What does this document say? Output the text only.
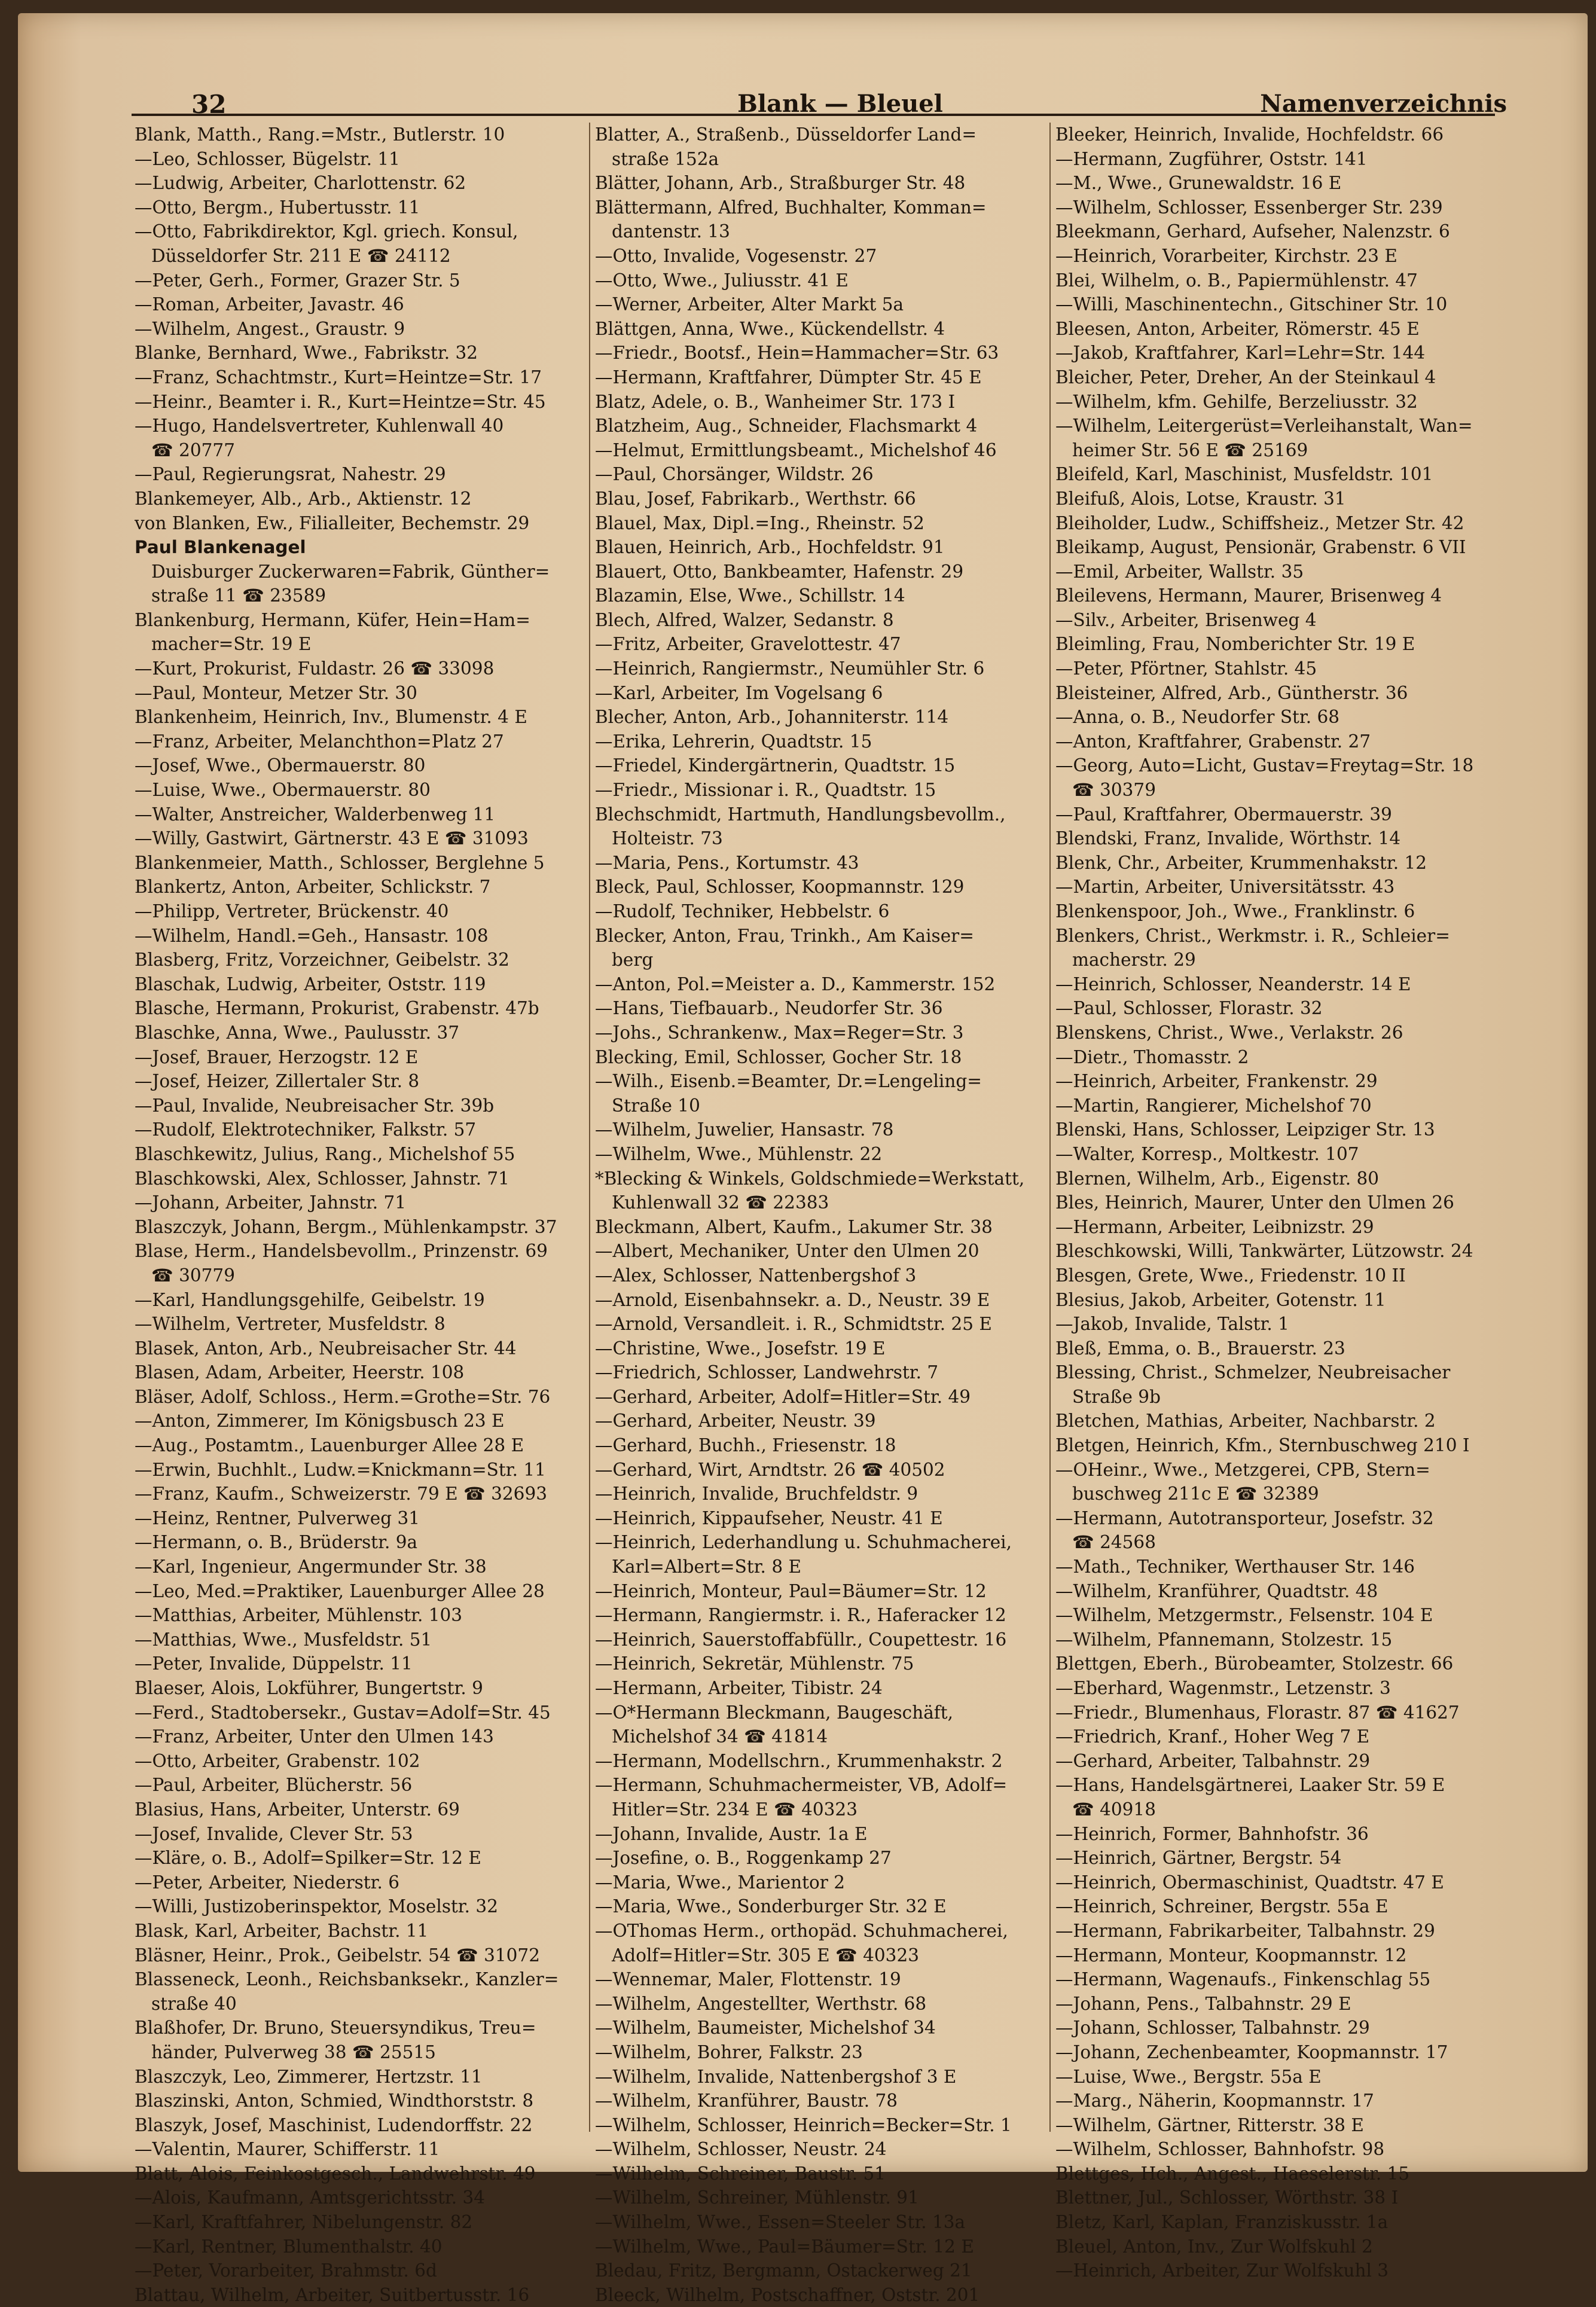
32	Blank — Bleuel	Namenverzeichnis
Blank, Matth., Rang.=Mstr., Butlerstr. 10
—Leo, Schlosser, Bügelstr. 11
—Ludwig, Arbeiter, Charlottenstr. 62
—Otto, Bergm., Hubertusstr. 11
—Otto, Fabrikdirektor, Kgl. griech. Konsul,
Düsseldorfer Str. 211 E ☎ 24112
—Peter, Gerh., Former, Grazer Str. 5
—Roman, Arbeiter, Javastr. 46
—Wilhelm, Angest., Graustr. 9
Blanke, Bernhard, Wwe., Fabrikstr. 32
—Franz, Schachtmstr., Kurt=Heintze=Str. 17
—Heinr., Beamter i. R., Kurt=Heintze=Str. 45
—Hugo, Handelsvertreter, Kuhlenwall 40
☎ 20777
—Paul, Regierungsrat, Nahestr. 29
Blankemeyer, Alb., Arb., Aktienstr. 12
von Blanken, Ew., Filialleiter, Bechemstr. 29
Paul Blankenagel
Duisburger Zuckerwaren=Fabrik, Günther=
straße 11 ☎ 23589
Blankenburg, Hermann, Küfer, Hein=Ham=
macher=Str. 19 E
—Kurt, Prokurist, Fuldastr. 26 ☎ 33098
—Paul, Monteur, Metzer Str. 30
Blankenheim, Heinrich, Inv., Blumenstr. 4 E
—Franz, Arbeiter, Melanchthon=Platz 27
—Josef, Wwe., Obermauerstr. 80
—Luise, Wwe., Obermauerstr. 80
—Walter, Anstreicher, Walderbenweg 11
—Willy, Gastwirt, Gärtnerstr. 43 E ☎ 31093
Blankenmeier, Matth., Schlosser, Berglehne 5
Blankertz, Anton, Arbeiter, Schlickstr. 7
—Philipp, Vertreter, Brückenstr. 40
—Wilhelm, Handl.=Geh., Hansastr. 108
Blasberg, Fritz, Vorzeichner, Geibelstr. 32
Blaschak, Ludwig, Arbeiter, Oststr. 119
Blasche, Hermann, Prokurist, Grabenstr. 47b
Blaschke, Anna, Wwe., Paulusstr. 37
—Josef, Brauer, Herzogstr. 12 E
—Josef, Heizer, Zillertaler Str. 8
—Paul, Invalide, Neubreisacher Str. 39b
—Rudolf, Elektrotechniker, Falkstr. 57
Blaschkewitz, Julius, Rang., Michelshof 55
Blaschkowski, Alex, Schlosser, Jahnstr. 71
—Johann, Arbeiter, Jahnstr. 71
Blaszczyk, Johann, Bergm., Mühlenkampstr. 37
Blase, Herm., Handelsbevollm., Prinzenstr. 69
☎ 30779
—Karl, Handlungsgehilfe, Geibelstr. 19
—Wilhelm, Vertreter, Musfeldstr. 8
Blasek, Anton, Arb., Neubreisacher Str. 44
Blasen, Adam, Arbeiter, Heerstr. 108
Bläser, Adolf, Schloss., Herm.=Grothe=Str. 76
—Anton, Zimmerer, Im Königsbusch 23 E
—Aug., Postamtm., Lauenburger Allee 28 E
—Erwin, Buchhlt., Ludw.=Knickmann=Str. 11
—Franz, Kaufm., Schweizerstr. 79 E ☎ 32693
—Heinz, Rentner, Pulverweg 31
—Hermann, o. B., Brüderstr. 9a
—Karl, Ingenieur, Angermunder Str. 38
—Leo, Med.=Praktiker, Lauenburger Allee 28
—Matthias, Arbeiter, Mühlenstr. 103
—Matthias, Wwe., Musfeldstr. 51
—Peter, Invalide, Düppelstr. 11
Blaeser, Alois, Lokführer, Bungertstr. 9
—Ferd., Stadtobersekr., Gustav=Adolf=Str. 45
—Franz, Arbeiter, Unter den Ulmen 143
—Otto, Arbeiter, Grabenstr. 102
—Paul, Arbeiter, Blücherstr. 56
Blasius, Hans, Arbeiter, Unterstr. 69
—Josef, Invalide, Clever Str. 53
—Kläre, o. B., Adolf=Spilker=Str. 12 E
—Peter, Arbeiter, Niederstr. 6
—Willi, Justizoberinspektor, Moselstr. 32
Blask, Karl, Arbeiter, Bachstr. 11
Bläsner, Heinr., Prok., Geibelstr. 54 ☎ 31072
Blasseneck, Leonh., Reichsbanksekr., Kanzler=
straße 40
Blaßhofer, Dr. Bruno, Steuersyndikus, Treu=
händer, Pulverweg 38 ☎ 25515
Blaszczyk, Leo, Zimmerer, Hertzstr. 11
Blaszinski, Anton, Schmied, Windthorststr. 8
Blaszyk, Josef, Maschinist, Ludendorffstr. 22
—Valentin, Maurer, Schifferstr. 11
Blatt, Alois, Feinkostgesch., Landwehrstr. 49
—Alois, Kaufmann, Amtsgerichtsstr. 34
—Karl, Kraftfahrer, Nibelungenstr. 82
—Karl, Rentner, Blumenthalstr. 40
—Peter, Vorarbeiter, Brahmstr. 6d
Blattau, Wilhelm, Arbeiter, Suitbertusstr. 16
Blatter, A., Straßenb., Düsseldorfer Land=
straße 152a
Blätter, Johann, Arb., Straßburger Str. 48
Blättermann, Alfred, Buchhalter, Komman=
dantenstr. 13
—Otto, Invalide, Vogesenstr. 27
—Otto, Wwe., Juliusstr. 41 E
—Werner, Arbeiter, Alter Markt 5a
Blättgen, Anna, Wwe., Kückendellstr. 4
—Friedr., Bootsf., Hein=Hammacher=Str. 63
—Hermann, Kraftfahrer, Dümpter Str. 45 E
Blatz, Adele, o. B., Wanheimer Str. 173 I
Blatzheim, Aug., Schneider, Flachsmarkt 4
—Helmut, Ermittlungsbeamt., Michelshof 46
—Paul, Chorsänger, Wildstr. 26
Blau, Josef, Fabrikarb., Werthstr. 66
Blauel, Max, Dipl.=Ing., Rheinstr. 52
Blauen, Heinrich, Arb., Hochfeldstr. 91
Blauert, Otto, Bankbeamter, Hafenstr. 29
Blazamin, Else, Wwe., Schillstr. 14
Blech, Alfred, Walzer, Sedanstr. 8
—Fritz, Arbeiter, Gravelottestr. 47
—Heinrich, Rangiermstr., Neumühler Str. 6
—Karl, Arbeiter, Im Vogelsang 6
Blecher, Anton, Arb., Johanniterstr. 114
—Erika, Lehrerin, Quadtstr. 15
—Friedel, Kindergärtnerin, Quadtstr. 15
—Friedr., Missionar i. R., Quadtstr. 15
Blechschmidt, Hartmuth, Handlungsbevollm.,
Holteistr. 73
—Maria, Pens., Kortumstr. 43
Bleck, Paul, Schlosser, Koopmannstr. 129
—Rudolf, Techniker, Hebbelstr. 6
Blecker, Anton, Frau, Trinkh., Am Kaiser=
berg
—Anton, Pol.=Meister a. D., Kammerstr. 152
—Hans, Tiefbauarb., Neudorfer Str. 36
—Johs., Schrankenw., Max=Reger=Str. 3
Blecking, Emil, Schlosser, Gocher Str. 18
—Wilh., Eisenb.=Beamter, Dr.=Lengeling=
Straße 10
—Wilhelm, Juwelier, Hansastr. 78
—Wilhelm, Wwe., Mühlenstr. 22
*Blecking & Winkels, Goldschmiede=Werkstatt,
Kuhlenwall 32 ☎ 22383
Bleckmann, Albert, Kaufm., Lakumer Str. 38
—Albert, Mechaniker, Unter den Ulmen 20
—Alex, Schlosser, Nattenbergshof 3
—Arnold, Eisenbahnsekr. a. D., Neustr. 39 E
—Arnold, Versandleit. i. R., Schmidtstr. 25 E
—Christine, Wwe., Josefstr. 19 E
—Friedrich, Schlosser, Landwehrstr. 7
—Gerhard, Arbeiter, Adolf=Hitler=Str. 49
—Gerhard, Arbeiter, Neustr. 39
—Gerhard, Buchh., Friesenstr. 18
—Gerhard, Wirt, Arndtstr. 26 ☎ 40502
—Heinrich, Invalide, Bruchfeldstr. 9
—Heinrich, Kippaufseher, Neustr. 41 E
—Heinrich, Lederhandlung u. Schuhmacherei,
Karl=Albert=Str. 8 E
—Heinrich, Monteur, Paul=Bäumer=Str. 12
—Hermann, Rangiermstr. i. R., Haferacker 12
—Heinrich, Sauerstoffabfüllr., Coupettestr. 16
—Heinrich, Sekretär, Mühlenstr. 75
—Hermann, Arbeiter, Tibistr. 24
—O*Hermann Bleckmann, Baugeschäft,
Michelshof 34 ☎ 41814
—Hermann, Modellschrn., Krummenhakstr. 2
—Hermann, Schuhmachermeister, VB, Adolf=
Hitler=Str. 234 E ☎ 40323
—Johann, Invalide, Austr. 1a E
—Josefine, o. B., Roggenkamp 27
—Maria, Wwe., Marientor 2
—Maria, Wwe., Sonderburger Str. 32 E
—OThomas Herm., orthopäd. Schuhmacherei,
Adolf=Hitler=Str. 305 E ☎ 40323
—Wennemar, Maler, Flottenstr. 19
—Wilhelm, Angestellter, Werthstr. 68
—Wilhelm, Baumeister, Michelshof 34
—Wilhelm, Bohrer, Falkstr. 23
—Wilhelm, Invalide, Nattenbergshof 3 E
—Wilhelm, Kranführer, Baustr. 78
—Wilhelm, Schlosser, Heinrich=Becker=Str. 1
—Wilhelm, Schlosser, Neustr. 24
—Wilhelm, Schreiner, Baustr. 51
—Wilhelm, Schreiner, Mühlenstr. 91
—Wilhelm, Wwe., Essen=Steeler Str. 13a
—Wilhelm, Wwe., Paul=Bäumer=Str. 12 E
Bledau, Fritz, Bergmann, Ostackerweg 21
Bleeck, Wilhelm, Postschaffner, Oststr. 201
Bleeker, Heinrich, Invalide, Hochfeldstr. 66
—Hermann, Zugführer, Oststr. 141
—M., Wwe., Grunewaldstr. 16 E
—Wilhelm, Schlosser, Essenberger Str. 239
Bleekmann, Gerhard, Aufseher, Nalenzstr. 6
—Heinrich, Vorarbeiter, Kirchstr. 23 E
Blei, Wilhelm, o. B., Papiermühlenstr. 47
—Willi, Maschinentechn., Gitschiner Str. 10
Bleesen, Anton, Arbeiter, Römerstr. 45 E
—Jakob, Kraftfahrer, Karl=Lehr=Str. 144
Bleicher, Peter, Dreher, An der Steinkaul 4
—Wilhelm, kfm. Gehilfe, Berzeliusstr. 32
—Wilhelm, Leitergerüst=Verleihanstalt, Wan=
heimer Str. 56 E ☎ 25169
Bleifeld, Karl, Maschinist, Musfeldstr. 101
Bleifuß, Alois, Lotse, Kraustr. 31
Bleiholder, Ludw., Schiffsheiz., Metzer Str. 42
Bleikamp, August, Pensionär, Grabenstr. 6 VII
—Emil, Arbeiter, Wallstr. 35
Bleilevens, Hermann, Maurer, Brisenweg 4
—Silv., Arbeiter, Brisenweg 4
Bleimling, Frau, Nomberichter Str. 19 E
—Peter, Pförtner, Stahlstr. 45
Bleisteiner, Alfred, Arb., Güntherstr. 36
—Anna, o. B., Neudorfer Str. 68
—Anton, Kraftfahrer, Grabenstr. 27
—Georg, Auto=Licht, Gustav=Freytag=Str. 18
☎ 30379
—Paul, Kraftfahrer, Obermauerstr. 39
Blendski, Franz, Invalide, Wörthstr. 14
Blenk, Chr., Arbeiter, Krummenhakstr. 12
—Martin, Arbeiter, Universitätsstr. 43
Blenkenspoor, Joh., Wwe., Franklinstr. 6
Blenkers, Christ., Werkmstr. i. R., Schleier=
macherstr. 29
—Heinrich, Schlosser, Neanderstr. 14 E
—Paul, Schlosser, Florastr. 32
Blenskens, Christ., Wwe., Verlakstr. 26
—Dietr., Thomasstr. 2
—Heinrich, Arbeiter, Frankenstr. 29
—Martin, Rangierer, Michelshof 70
Blenski, Hans, Schlosser, Leipziger Str. 13
—Walter, Korresp., Moltkestr. 107
Blernen, Wilhelm, Arb., Eigenstr. 80
Bles, Heinrich, Maurer, Unter den Ulmen 26
—Hermann, Arbeiter, Leibnizstr. 29
Bleschkowski, Willi, Tankwärter, Lützowstr. 24
Blesgen, Grete, Wwe., Friedenstr. 10 II
Blesius, Jakob, Arbeiter, Gotenstr. 11
—Jakob, Invalide, Talstr. 1
Bleß, Emma, o. B., Brauerstr. 23
Blessing, Christ., Schmelzer, Neubreisacher
Straße 9b
Bletchen, Mathias, Arbeiter, Nachbarstr. 2
Bletgen, Heinrich, Kfm., Sternbuschweg 210 I
—OHeinr., Wwe., Metzgerei, CPB, Stern=
buschweg 211c E ☎ 32389
—Hermann, Autotransporteur, Josefstr. 32
☎ 24568
—Math., Techniker, Werthauser Str. 146
—Wilhelm, Kranführer, Quadtstr. 48
—Wilhelm, Metzgermstr., Felsenstr. 104 E
—Wilhelm, Pfannemann, Stolzestr. 15
Blettgen, Eberh., Bürobeamter, Stolzestr. 66
—Eberhard, Wagenmstr., Letzenstr. 3
—Friedr., Blumenhaus, Florastr. 87 ☎ 41627
—Friedrich, Kranf., Hoher Weg 7 E
—Gerhard, Arbeiter, Talbahnstr. 29
—Hans, Handelsgärtnerei, Laaker Str. 59 E
☎ 40918
—Heinrich, Former, Bahnhofstr. 36
—Heinrich, Gärtner, Bergstr. 54
—Heinrich, Obermaschinist, Quadtstr. 47 E
—Heinrich, Schreiner, Bergstr. 55a E
—Hermann, Fabrikarbeiter, Talbahnstr. 29
—Hermann, Monteur, Koopmannstr. 12
—Hermann, Wagenaufs., Finkenschlag 55
—Johann, Pens., Talbahnstr. 29 E
—Johann, Schlosser, Talbahnstr. 29
—Johann, Zechenbeamter, Koopmannstr. 17
—Luise, Wwe., Bergstr. 55a E
—Marg., Näherin, Koopmannstr. 17
—Wilhelm, Gärtner, Ritterstr. 38 E
—Wilhelm, Schlosser, Bahnhofstr. 98
Blettges, Hch., Angest., Haeselerstr. 15
Blettner, Jul., Schlosser, Wörthstr. 38 I
Bletz, Karl, Kaplan, Franziskusstr. 1a
Bleuel, Anton, Inv., Zur Wolfskuhl 2
—Heinrich, Arbeiter, Zur Wolfskuhl 3
